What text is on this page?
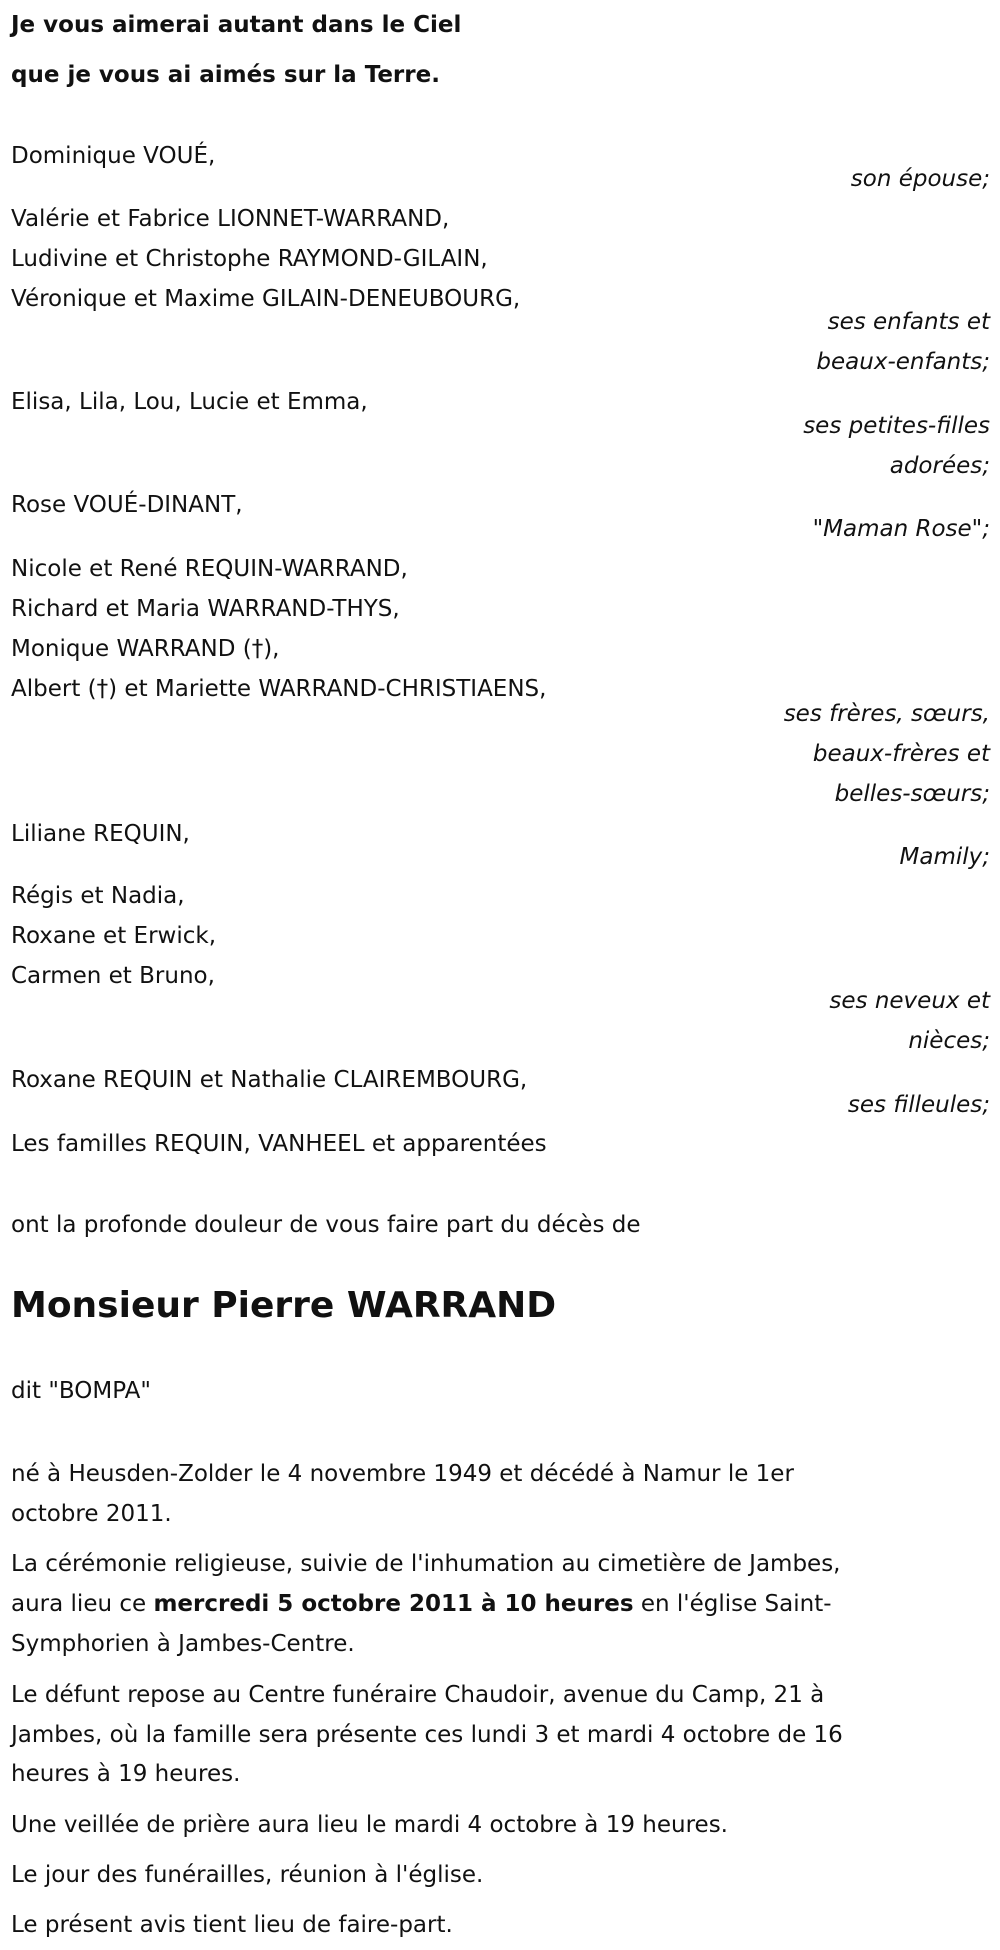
Je vous aimerai autant dans le Ciel
que je vous ai aimés sur la Terre.
Dominique VOUÉ,
son épouse;
Valérie et Fabrice LIONNET-WARRAND,
Ludivine et Christophe RAYMOND-GILAIN,
Véronique et Maxime GILAIN-DENEUBOURG,
ses enfants et
beaux-enfants;
Elisa, Lila, Lou, Lucie et Emma,
ses petites-filles
adorées;
Rose VOUÉ-DINANT,
"Maman Rose";
Nicole et René REQUIN-WARRAND,
Richard et Maria WARRAND-THYS,
Monique WARRAND (†),
Albert (†) et Mariette WARRAND-CHRISTIAENS,
ses frères, sœurs,
beaux-frères et
belles-sœurs;
Liliane REQUIN,
Mamily;
Régis et Nadia,
Roxane et Erwick,
Carmen et Bruno,
ses neveux et
nièces;
Roxane REQUIN et Nathalie CLAIREMBOURG,
ses filleules;
Les familles REQUIN, VANHEEL et apparentées
ont la profonde douleur de vous faire part du décès de
Monsieur Pierre WARRAND
dit "BOMPA"
né à Heusden-Zolder le 4 novembre 1949 et décédé à Namur le 1er
octobre 2011.
La cérémonie religieuse, suivie de l'inhumation au cimetière de Jambes,
aura lieu ce mercredi 5 octobre 2011 à 10 heures en l'église Saint-
Symphorien à Jambes-Centre.
Le défunt repose au Centre funéraire Chaudoir, avenue du Camp, 21 à
Jambes, où la famille sera présente ces lundi 3 et mardi 4 octobre de 16
heures à 19 heures.
Une veillée de prière aura lieu le mardi 4 octobre à 19 heures.
Le jour des funérailles, réunion à l'église.
Le présent avis tient lieu de faire-part.
